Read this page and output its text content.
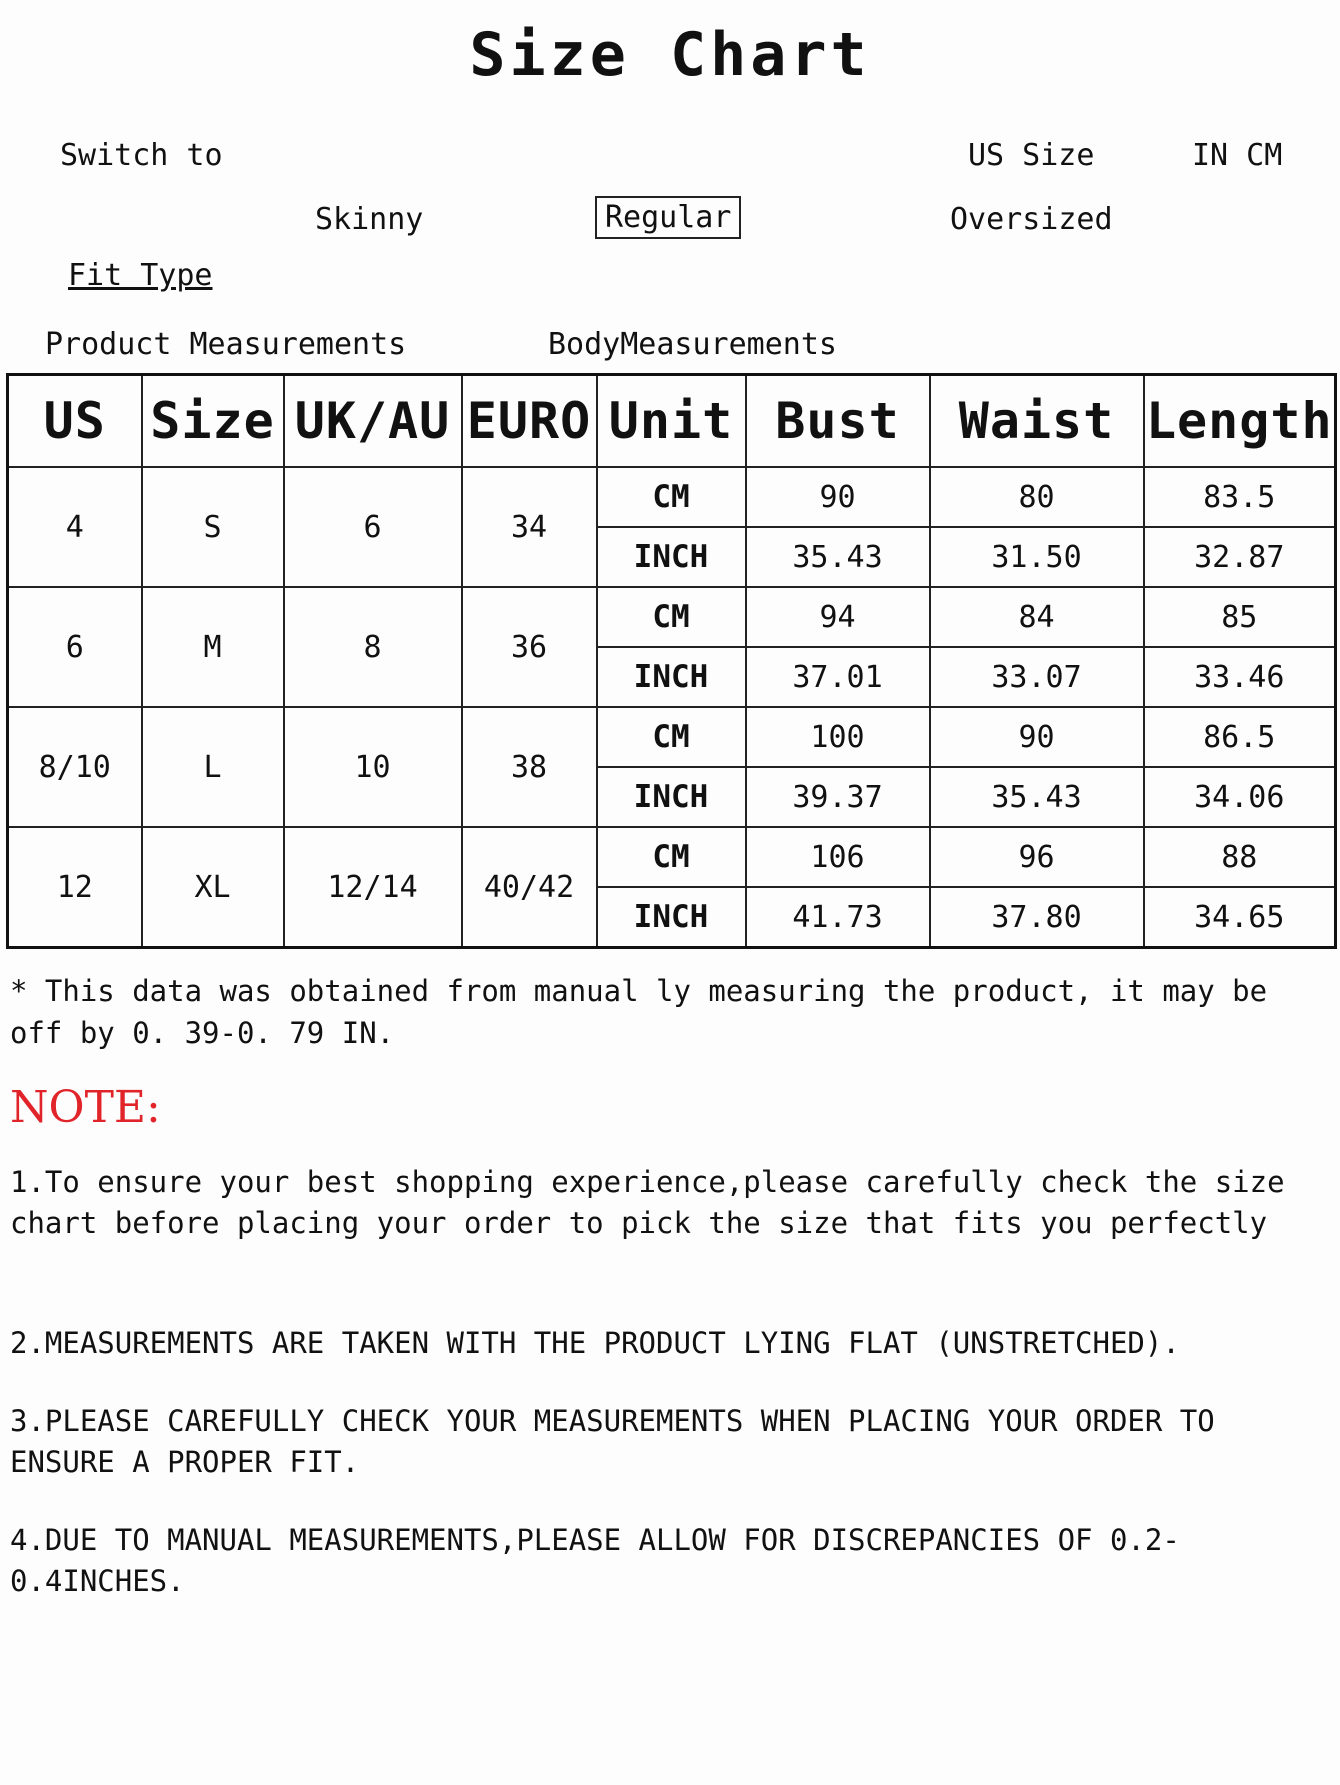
Size Chart
Switch to	US Size	IN CM
Skinny	Regular	Oversized
Fit Type
Product Measurements	BodyMeasurements
US	Size	UK/AU	EURO	Unit	Bust	Waist	Length
4	S	6	34	CM	90	80	83.5
				INCH	35.43	31.50	32.87
6	M	8	36	CM	94	84	85
				INCH	37.01	33.07	33.46
8/10	L	10	38	CM	100	90	86.5
				INCH	39.37	35.43	34.06
12	XL	12/14	40/42	CM	106	96	88
				INCH	41.73	37.80	34.65
* This data was obtained from manual ly measuring the product, it may be off by 0. 39-0. 79 IN.
NOTE:
1.To ensure your best shopping experience,please carefully check the size chart before placing your order to pick the size that fits you perfectly
2.MEASUREMENTS ARE TAKEN WITH THE PRODUCT LYING FLAT (UNSTRETCHED).
3.PLEASE CAREFULLY CHECK YOUR MEASUREMENTS WHEN PLACING YOUR ORDER TO ENSURE A PROPER FIT.
4.DUE TO MANUAL MEASUREMENTS,PLEASE ALLOW FOR DISCREPANCIES OF 0.2-0.4INCHES.
